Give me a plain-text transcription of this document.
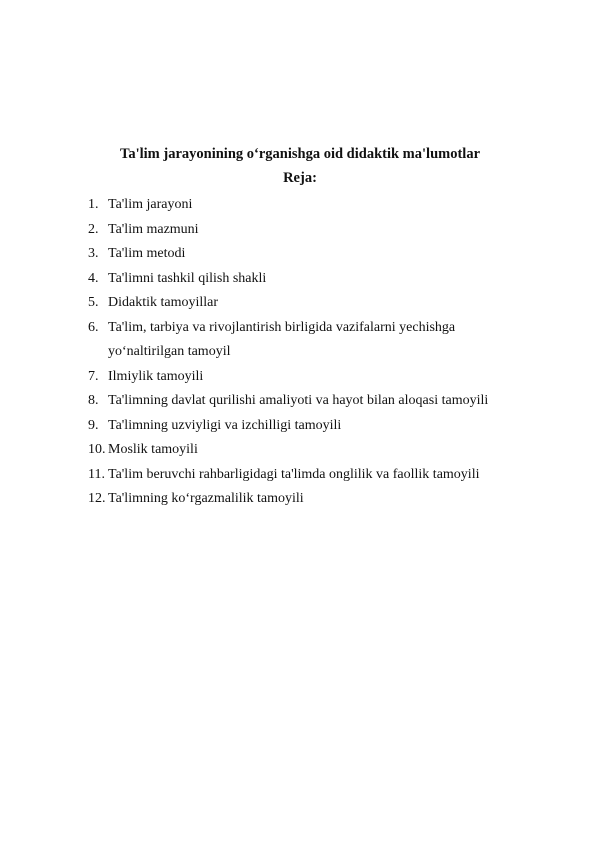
Ta'lim jarayonining o‘rganishga oid didaktik ma'lumotlar
Reja:
1. Ta'lim jarayoni
2. Ta'lim mazmuni
3. Ta'lim metodi
4. Ta'limni tashkil qilish shakli
5. Didaktik tamoyillar
6. Ta'lim, tarbiya va rivojlantirish birligida vazifalarni yechishga
yo‘naltirilgan tamoyil
7. Ilmiylik tamoyili
8. Ta'limning davlat qurilishi amaliyoti va hayot bilan aloqasi tamoyili
9. Ta'limning uzviyligi va izchilligi tamoyili
10. Moslik tamoyili
11. Ta'lim beruvchi rahbarligidagi ta'limda onglilik va faollik tamoyili
12. Ta'limning ko‘rgazmalilik tamoyili
